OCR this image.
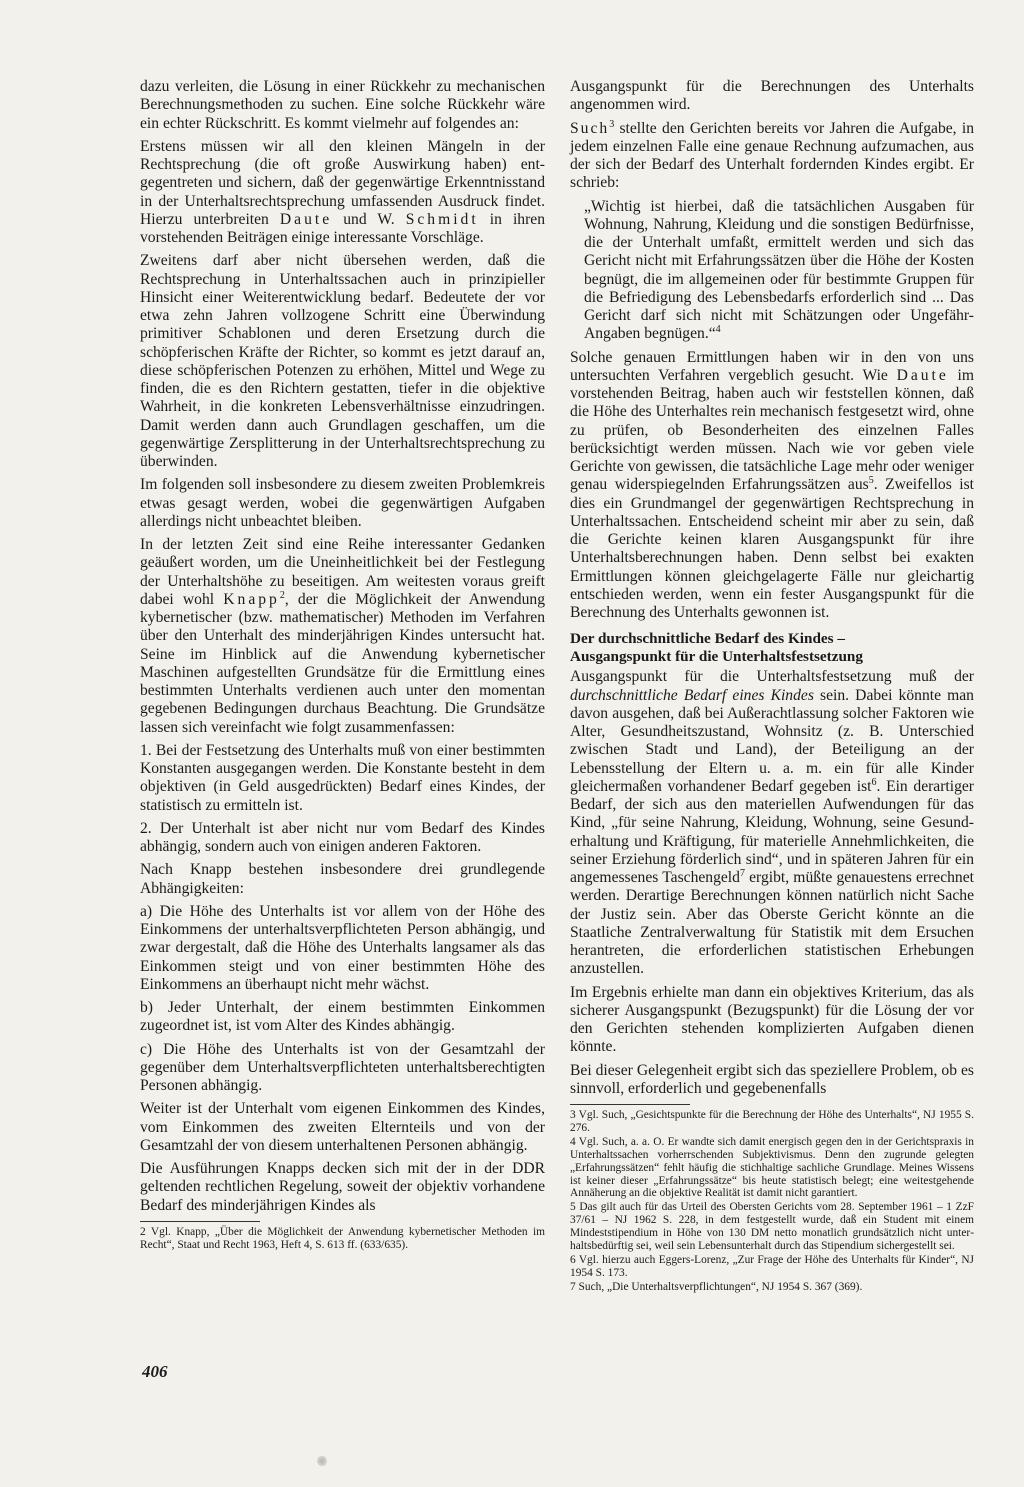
dazu verleiten, die Lösung in einer Rückkehr zu mechanischen Berechnungsmethoden zu suchen. Eine solche Rückkehr wäre ein echter Rückschritt. Es kommt vielmehr auf folgendes an:

Erstens müssen wir all den kleinen Mängeln in der Rechtsprechung (die oft große Auswirkung haben) entgegentreten und sichern, daß der gegenwärtige Erkenntnisstand in der Unterhaltsrechtsprechung umfassenden Ausdruck findet. Hierzu unterbreiten Daute und W. Schmidt in ihren vorstehenden Beiträgen einige interessante Vorschläge.

Zweitens darf aber nicht übersehen werden, daß die Rechtsprechung in Unterhaltssachen auch in prinzipieller Hinsicht einer Weiterentwicklung bedarf. Bedeutete der vor etwa zehn Jahren vollzogene Schritt eine Überwindung primitiver Schablonen und deren Ersetzung durch die schöpferischen Kräfte der Richter, so kommt es jetzt darauf an, diese schöpferischen Potenzen zu erhöhen, Mittel und Wege zu finden, die es den Richtern gestatten, tiefer in die objektive Wahrheit, in die konkreten Lebensverhältnisse einzudringen. Damit werden dann auch Grundlagen geschaffen, um die gegenwärtige Zersplitterung in der Unterhaltsrechtsprechung zu überwinden.

Im folgenden soll insbesondere zu diesem zweiten Problemkreis etwas gesagt werden, wobei die gegenwärtigen Aufgaben allerdings nicht unbeachtet bleiben.

In der letzten Zeit sind eine Reihe interessanter Gedanken geäußert worden, um die Uneinheitlichkeit bei der Festlegung der Unterhaltshöhe zu beseitigen. Am weitesten voraus greift dabei wohl Knapp$^2$, der die Möglichkeit der Anwendung kybernetischer (bzw. mathematischer) Methoden im Verfahren über den Unterhalt des minderjährigen Kindes untersucht hat. Seine im Hinblick auf die Anwendung kybernetischer Maschinen aufgestellten Grundsätze für die Ermittlung eines bestimmten Unterhalts verdienen auch unter den momentan gegebenen Bedingungen durchaus Beachtung. Die Grundsätze lassen sich vereinfacht wie folgt zusammenfassen:

1. Bei der Festsetzung des Unterhalts muß von einer bestimmten Konstanten ausgegangen werden. Die Konstante besteht in dem objektiven (in Geld ausgedrückten) Bedarf eines Kindes, der statistisch zu ermitteln ist.

2. Der Unterhalt ist aber nicht nur vom Bedarf des Kindes abhängig, sondern auch von einigen anderen Faktoren.

Nach Knapp bestehen insbesondere drei grundlegende Abhängigkeiten:

a) Die Höhe des Unterhalts ist vor allem von der Höhe des Einkommens der unterhaltsverpflichteten Person abhängig, und zwar dergestalt, daß die Höhe des Unterhalts langsamer als das Einkommen steigt und von einer bestimmten Höhe des Einkommens an überhaupt nicht mehr wächst.

b) Jeder Unterhalt, der einem bestimmten Einkommen zugeordnet ist, ist vom Alter des Kindes abhängig.

c) Die Höhe des Unterhalts ist von der Gesamtzahl der gegenüber dem Unterhaltsverpflichteten unterhaltsberechtigten Personen abhängig.

Weiter ist der Unterhalt vom eigenen Einkommen des Kindes, vom Einkommen des zweiten Elternteils und von der Gesamtzahl der von diesem unterhaltenen Personen abhängig.

Die Ausführungen Knapps decken sich mit der in der DDR geltenden rechtlichen Regelung, soweit der objektiv vorhandene Bedarf des minderjährigen Kindes als

2 Vgl. Knapp, „Über die Möglichkeit der Anwendung kybernetischer Methoden im Recht“, Staat und Recht 1963, Heft 4, S. 613 ff. (633/635).

Ausgangspunkt für die Berechnungen des Unterhalts angenommen wird.

Such$^3$ stellte den Gerichten bereits vor Jahren die Aufgabe, in jedem einzelnen Falle eine genaue Rechnung aufzumachen, aus der sich der Bedarf des Unterhalt fordernden Kindes ergibt. Er schrieb:

„Wichtig ist hierbei, daß die tatsächlichen Ausgaben für Wohnung, Nahrung, Kleidung und die sonstigen Bedürfnisse, die der Unterhalt umfaßt, ermittelt werden und sich das Gericht nicht mit Erfahrungssätzen über die Höhe der Kosten begnügt, die im allgemeinen oder für bestimmte Gruppen für die Befriedigung des Lebensbedarfs erforderlich sind ... Das Gericht darf sich nicht mit Schätzungen oder Ungefähr-Angaben begnügen.“$^4$

Solche genauen Ermittlungen haben wir in den von uns untersuchten Verfahren vergeblich gesucht. Wie Daute im vorstehenden Beitrag, haben auch wir feststellen können, daß die Höhe des Unterhaltes rein mechanisch festgesetzt wird, ohne zu prüfen, ob Besonderheiten des einzelnen Falles berücksichtigt werden müssen. Nach wie vor geben viele Gerichte von gewissen, die tatsächliche Lage mehr oder weniger genau widerspiegelnden Erfahrungssätzen aus$^5$. Zweifellos ist dies ein Grundmangel der gegenwärtigen Rechtsprechung in Unterhaltssachen. Entscheidend scheint mir aber zu sein, daß die Gerichte keinen klaren Ausgangspunkt für ihre Unterhaltsberechnungen haben. Denn selbst bei exakten Ermittlungen können gleichgelagerte Fälle nur gleichartig entschieden werden, wenn ein fester Ausgangspunkt für die Berechnung des Unterhalts gewonnen ist.

Der durchschnittliche Bedarf des Kindes –
Ausgangspunkt für die Unterhaltsfestsetzung

Ausgangspunkt für die Unterhaltsfestsetzung muß der durchschnittliche Bedarf eines Kindes sein. Dabei könnte man davon ausgehen, daß bei Außerachtlassung solcher Faktoren wie Alter, Gesundheitszustand, Wohnsitz (z. B. Unterschied zwischen Stadt und Land), der Beteiligung an der Lebensstellung der Eltern u. a. m. ein für alle Kinder gleichermaßen vorhandener Bedarf gegeben ist$^6$. Ein derartiger Bedarf, der sich aus den materiellen Aufwendungen für das Kind, „für seine Nahrung, Kleidung, Wohnung, seine Gesunderhaltung und Kräftigung, für materielle Annehmlichkeiten, die seiner Erziehung förderlich sind“, und in späteren Jahren für ein angemessenes Taschengeld$^7$ ergibt, müßte genauestens errechnet werden. Derartige Berechnungen können natürlich nicht Sache der Justiz sein. Aber das Oberste Gericht könnte an die Staatliche Zentralverwaltung für Statistik mit dem Ersuchen herantreten, die erforderlichen statistischen Erhebungen anzustellen.

Im Ergebnis erhielte man dann ein objektives Kriterium, das als sicherer Ausgangspunkt (Bezugspunkt) für die Lösung der vor den Gerichten stehenden komplizierten Aufgaben dienen könnte.

Bei dieser Gelegenheit ergibt sich das speziellere Problem, ob es sinnvoll, erforderlich und gegebenenfalls

3 Vgl. Such, „Gesichtspunkte für die Berechnung der Höhe des Unterhalts“, NJ 1955 S. 276.

4 Vgl. Such, a. a. O. Er wandte sich damit energisch gegen den in der Gerichtspraxis in Unterhaltssachen vorherrschenden Subjektivismus. Denn den zugrunde gelegten „Erfahrungssätzen“ fehlt häufig die stichhaltige sachliche Grundlage. Meines Wissens ist keiner dieser „Erfahrungssätze“ bis heute statistisch belegt; eine weitestgehende Annäherung an die objektive Realität ist damit nicht garantiert.

5 Das gilt auch für das Urteil des Obersten Gerichts vom 28. September 1961 – 1 ZzF 37/61 – NJ 1962 S. 228, in dem festgestellt wurde, daß ein Student mit einem Mindeststipendium in Höhe von 130 DM netto monatlich grundsätzlich nicht unterhaltsbedürftig sei, weil sein Lebensunterhalt durch das Stipendium sichergestellt sei.

6 Vgl. hierzu auch Eggers-Lorenz, „Zur Frage der Höhe des Unterhalts für Kinder“, NJ 1954 S. 173.

7 Such, „Die Unterhaltsverpflichtungen“, NJ 1954 S. 367 (369).

406
